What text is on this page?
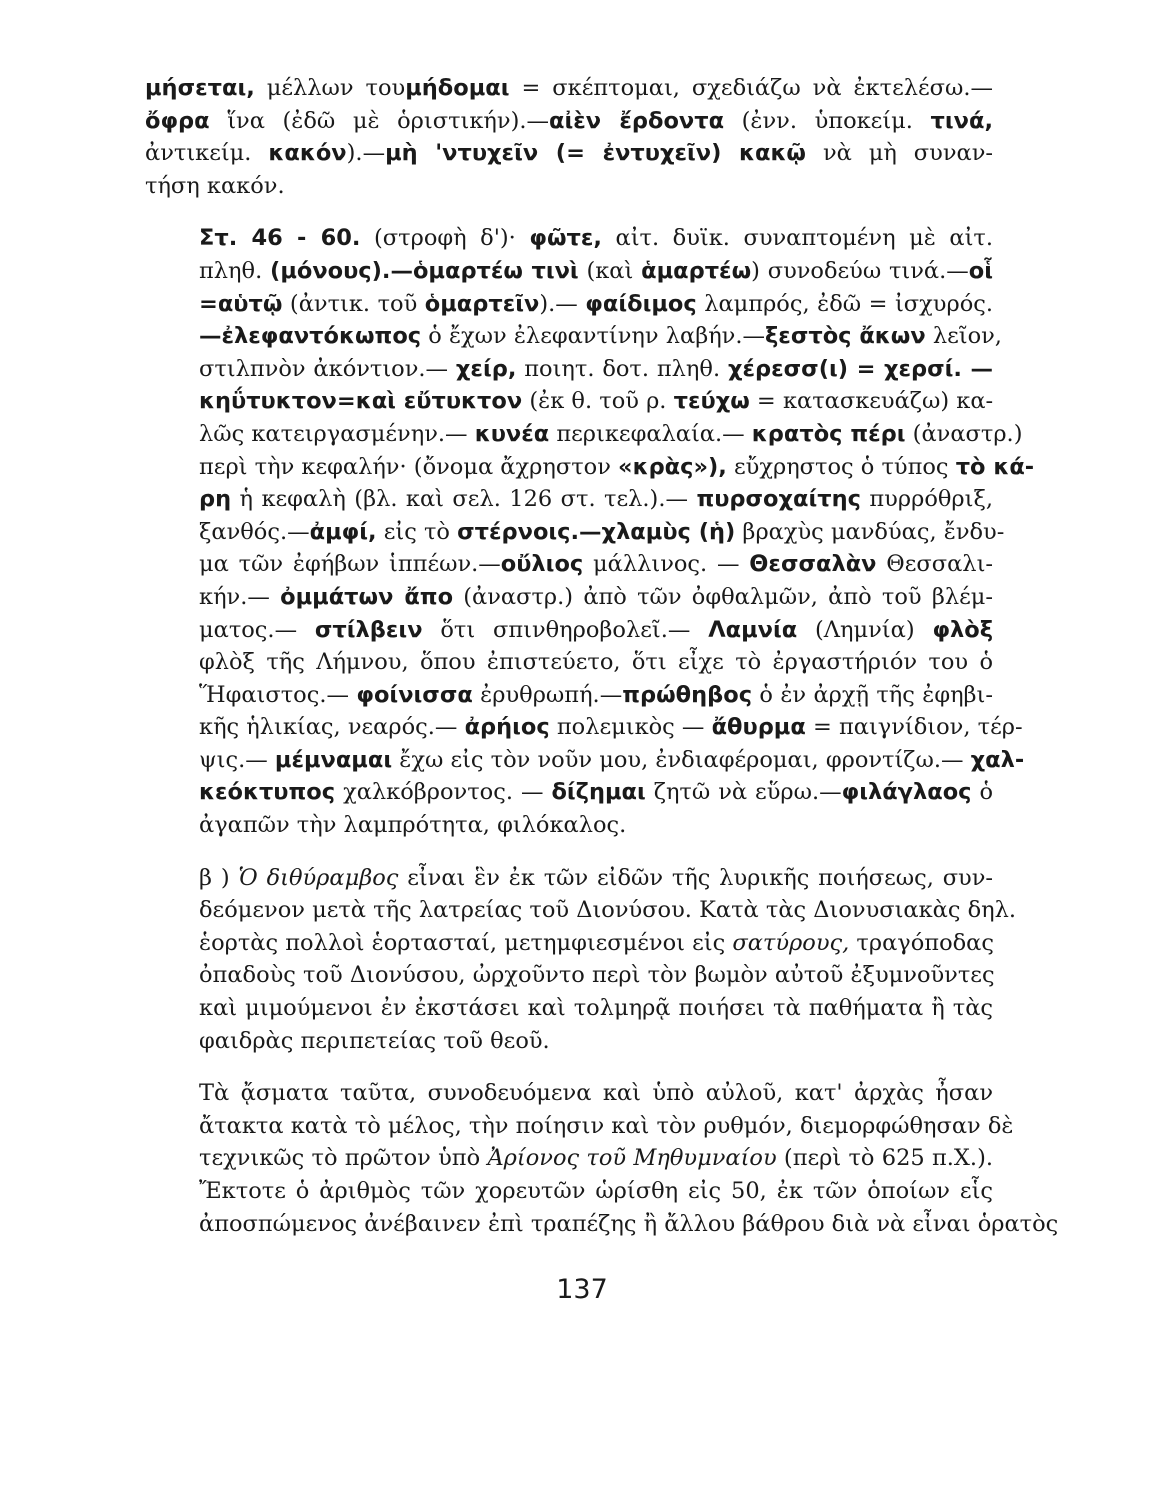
μήσεται, μέλλων τουμήδομαι = σκέπτομαι, σχεδιάζω νὰ ἐκτελέσω.—
ὄφρα ἵνα (ἐδῶ μὲ ὁριστικήν).—αἰὲν ἔρδοντα (ἐνν. ὑποκείμ. τινά,
ἀντικείμ. κακόν).—μὴ 'ντυχεῖν (= ἐντυχεῖν) κακῷ νὰ μὴ συναν-
τήση κακόν.

Στ. 46 - 60. (στροφὴ δ')· φῶτε, αἰτ. δυϊκ. συναπτομένη μὲ αἰτ.
πληθ. (μόνους).—ὁμαρτέω τινὶ (καὶ ἁμαρτέω) συνοδεύω τινά.—οἷ
=αὑτῷ (ἀντικ. τοῦ ὁμαρτεῖν).— φαίδιμος λαμπρός, ἐδῶ = ἰσχυρός.
—ἐλεφαντόκωπος ὁ ἔχων ἐλεφαντίνην λαβήν.—ξεστὸς ἄκων λεῖον,
στιλπνὸν ἀκόντιον.— χείρ, ποιητ. δοτ. πληθ. χέρεσσ(ι) = χερσί. —
κηΰτυκτον=καὶ εὔτυκτον (ἐκ θ. τοῦ ρ. τεύχω = κατασκευάζω) κα-
λῶς κατειργασμένην.— κυνέα περικεφαλαία.— κρατὸς πέρι (ἀναστρ.)
περὶ τὴν κεφαλήν· (ὄνομα ἄχρηστον «κρὰς»), εὔχρηστος ὁ τύπος τὸ κά-
ρη ἡ κεφαλὴ (βλ. καὶ σελ. 126 στ. τελ.).— πυρσοχαίτης πυρρόθριξ,
ξανθός.—ἀμφί, εἰς τὸ στέρνοις.—χλαμὺς (ἡ) βραχὺς μανδύας, ἔνδυ-
μα τῶν ἐφήβων ἱππέων.—οὔλιος μάλλινος. — Θεσσαλὰν Θεσσαλι-
κήν.— ὀμμάτων ἄπο (ἀναστρ.) ἀπὸ τῶν ὀφθαλμῶν, ἀπὸ τοῦ βλέμ-
ματος.— στίλβειν ὅτι σπινθηροβολεῖ.— Λαμνία (Λημνία) φλὸξ
φλὸξ τῆς Λήμνου, ὅπου ἐπιστεύετο, ὅτι εἶχε τὸ ἐργαστήριόν του ὁ
Ἥφαιστος.— φοίνισσα ἐρυθρωπή.—πρώθηβος ὁ ἐν ἀρχῇ τῆς ἐφηβι-
κῆς ἡλικίας, νεαρός.— ἀρήιος πολεμικὸς — ἄθυρμα = παιγνίδιον, τέρ-
ψις.— μέμναμαι ἔχω εἰς τὸν νοῦν μου, ἐνδιαφέρομαι, φροντίζω.— χαλ-
κεόκτυπος χαλκόβροντος. — δίζημαι ζητῶ νὰ εὕρω.—φιλάγλαος ὁ
ἀγαπῶν τὴν λαμπρότητα, φιλόκαλος.

β ) Ὁ διθύραμβος εἶναι ἓν ἐκ τῶν εἰδῶν τῆς λυρικῆς ποιήσεως, συν-
δεόμενον μετὰ τῆς λατρείας τοῦ Διονύσου. Κατὰ τὰς Διονυσιακὰς δηλ.
ἑορτὰς πολλοὶ ἑορτασταί, μετημφιεσμένοι εἰς σατύρους, τραγόποδας
ὀπαδοὺς τοῦ Διονύσου, ὠρχοῦντο περὶ τὸν βωμὸν αὐτοῦ ἐξυμνοῦντες
καὶ μιμούμενοι ἐν ἐκστάσει καὶ τολμηρᾷ ποιήσει τὰ παθήματα ἢ τὰς
φαιδρὰς περιπετείας τοῦ θεοῦ.

Τὰ ᾄσματα ταῦτα, συνοδευόμενα καὶ ὑπὸ αὐλοῦ, κατ' ἀρχὰς ἦσαν
ἄτακτα κατὰ τὸ μέλος, τὴν ποίησιν καὶ τὸν ρυθμόν, διεμορφώθησαν δὲ
τεχνικῶς τὸ πρῶτον ὑπὸ Ἀρίονος τοῦ Μηθυμναίου (περὶ τὸ 625 π.Χ.).
Ἔκτοτε ὁ ἀριθμὸς τῶν χορευτῶν ὡρίσθη εἰς 50, ἐκ τῶν ὁποίων εἷς
ἀποσπώμενος ἀνέβαινεν ἐπὶ τραπέζης ἢ ἄλλου βάθρου διὰ νὰ εἶναι ὁρατὸς

137
